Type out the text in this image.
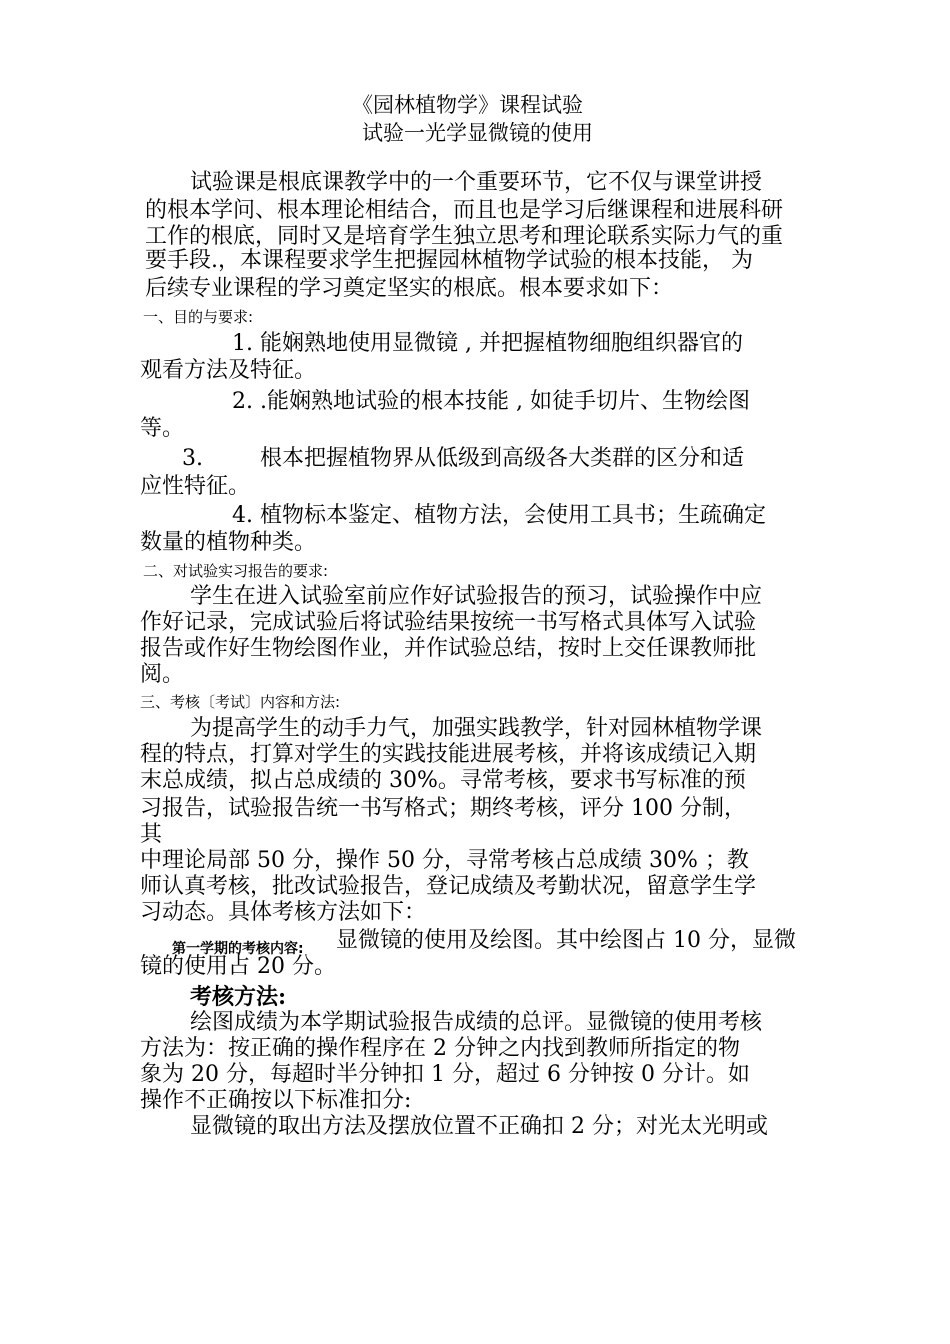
《园林植物学》课程试验
试验一光学显微镜的使用
试验课是根底课教学中的一个重要环节，它不仅与课堂讲授
的根本学问、根本理论相结合，而且也是学习后继课程和进展科研
工作的根底，同时又是培育学生独立思考和理论联系实际力气的重
要手段.，本课程要求学生把握园林植物学试验的根本技能， 为
后续专业课程的学习奠定坚实的根底。根本要求如下：
一、目的与要求:
1. 能娴熟地使用显微镜 , 并把握植物细胞组织器官的
观看方法及特征。
2. .能娴熟地试验的根本技能 , 如徒手切片、生物绘图
等。
3.	根本把握植物界从低级到高级各大类群的区分和适
应性特征。
4. 植物标本鉴定、植物方法，会使用工具书；生疏确定
数量的植物种类。
二、对试验实习报告的要求:
学生在进入试验室前应作好试验报告的预习，试验操作中应
作好记录，完成试验后将试验结果按统一书写格式具体写入试验
报告或作好生物绘图作业，并作试验总结，按时上交任课教师批
阅。
三、考核〔考试〕内容和方法:
为提高学生的动手力气，加强实践教学，针对园林植物学课
程的特点，打算对学生的实践技能进展考核，并将该成绩记入期
末总成绩，拟占总成绩的 30%。寻常考核，要求书写标准的预
习报告，试验报告统一书写格式；期终考核，评分 100 分制，
其
中理论局部 50 分，操作 50 分，寻常考核占总成绩 30% ；教
师认真考核，批改试验报告，登记成绩及考勤状况，留意学生学
习动态。具体考核方法如下：
第一学期的考核内容: 显微镜的使用及绘图。其中绘图占 10 分，显微
镜的使用占 20 分。
考核方法:
绘图成绩为本学期试验报告成绩的总评。显微镜的使用考核
方法为：按正确的操作程序在 2 分钟之内找到教师所指定的物
象为 20 分，每超时半分钟扣 1 分，超过 6 分钟按 0 分计。如
操作不正确按以下标准扣分:
显微镜的取出方法及摆放位置不正确扣 2 分；对光太光明或
